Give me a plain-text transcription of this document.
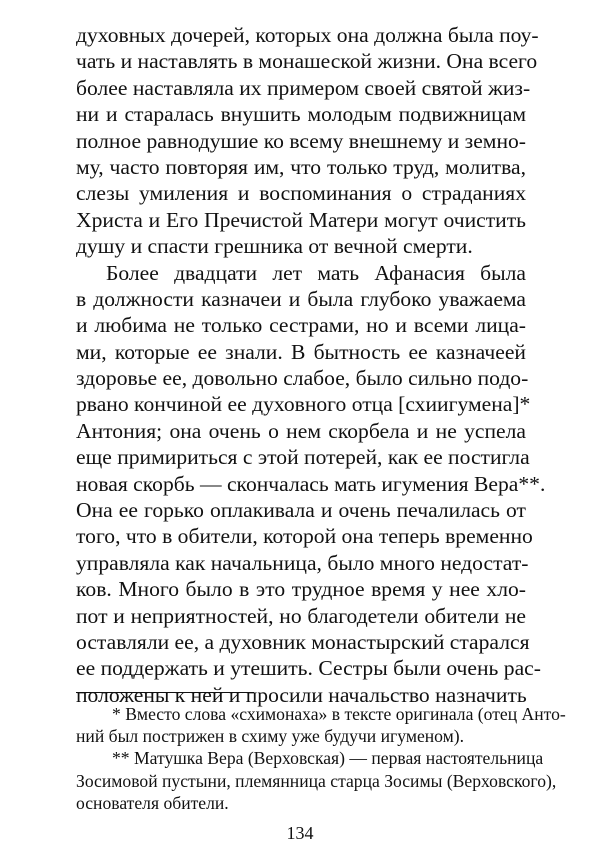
духовных дочерей, которых она должна была поу-
чать и наставлять в монашеской жизни. Она всего
более наставляла их примером своей святой жиз-
ни и старалась внушить молодым подвижницам
полное равнодушие ко всему внешнему и земно-
му, часто повторяя им, что только труд, молитва,
слезы умиления и воспоминания о страданиях
Христа и Его Пречистой Матери могут очистить
душу и спасти грешника от вечной смерти.
Более двадцати лет мать Афанасия была
в должности казначеи и была глубоко уважаема
и любима не только сестрами, но и всеми лица-
ми, которые ее знали. В бытность ее казначеей
здоровье ее, довольно слабое, было сильно подо-
рвано кончиной ее духовного отца [схиигумена]*
Антония; она очень о нем скорбела и не успела
еще примириться с этой потерей, как ее постигла
новая скорбь — скончалась мать игумения Вера**.
Она ее горько оплакивала и очень печалилась от
того, что в обители, которой она теперь временно
управляла как начальница, было много недостат-
ков. Много было в это трудное время у нее хло-
пот и неприятностей, но благодетели обители не
оставляли ее, а духовник монастырский старался
ее поддержать и утешить. Сестры были очень рас-
положены к ней и просили начальство назначить
* Вместо слова «схимонаха» в тексте оригинала (отец Анто-
ний был пострижен в схиму уже будучи игуменом).
** Матушка Вера (Верховская) — первая настоятельница
Зосимовой пустыни, племянница старца Зосимы (Верховского),
основателя обители.
134
